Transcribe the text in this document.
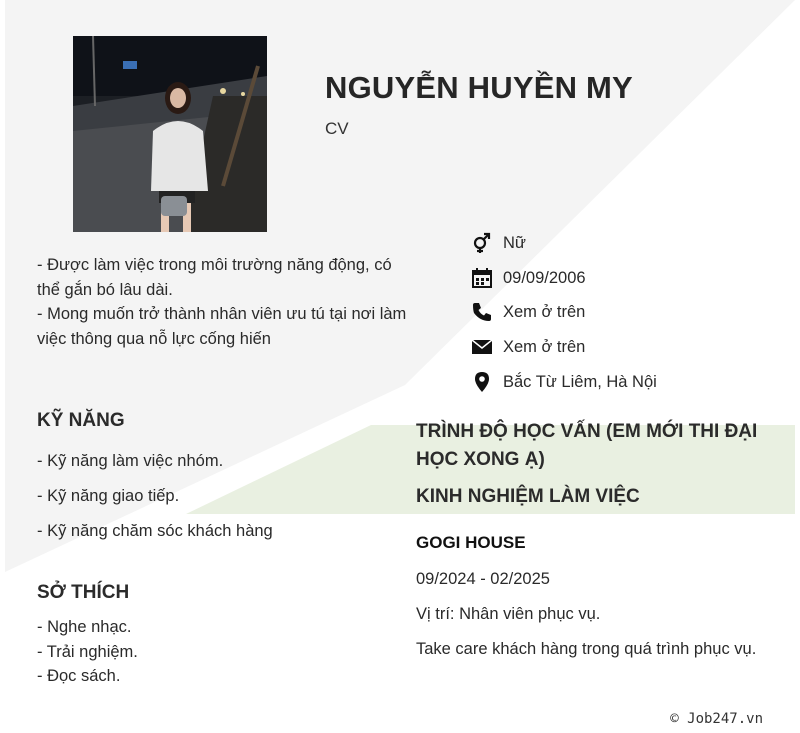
NGUYỄN HUYỀN MY
CV
- Được làm việc trong môi trường năng động, có thể gắn bó lâu dài.
- Mong muốn trở thành nhân viên ưu tú tại nơi làm việc thông qua nỗ lực cống hiến
Nữ
09/09/2006
Xem ở trên
Xem ở trên
Bắc Từ Liêm, Hà Nội
KỸ NĂNG
- Kỹ năng làm việc nhóm.
- Kỹ năng giao tiếp.
- Kỹ năng chăm sóc khách hàng
SỞ THÍCH
- Nghe nhạc.
- Trải nghiệm.
- Đọc sách.
TRÌNH ĐỘ HỌC VẤN (EM MỚI THI ĐẠI HỌC XONG Ạ)
KINH NGHIỆM LÀM VIỆC
GOGI HOUSE
09/2024 - 02/2025
Vị trí: Nhân viên phục vụ.
Take care khách hàng trong quá trình phục vụ.
© Job247.vn
